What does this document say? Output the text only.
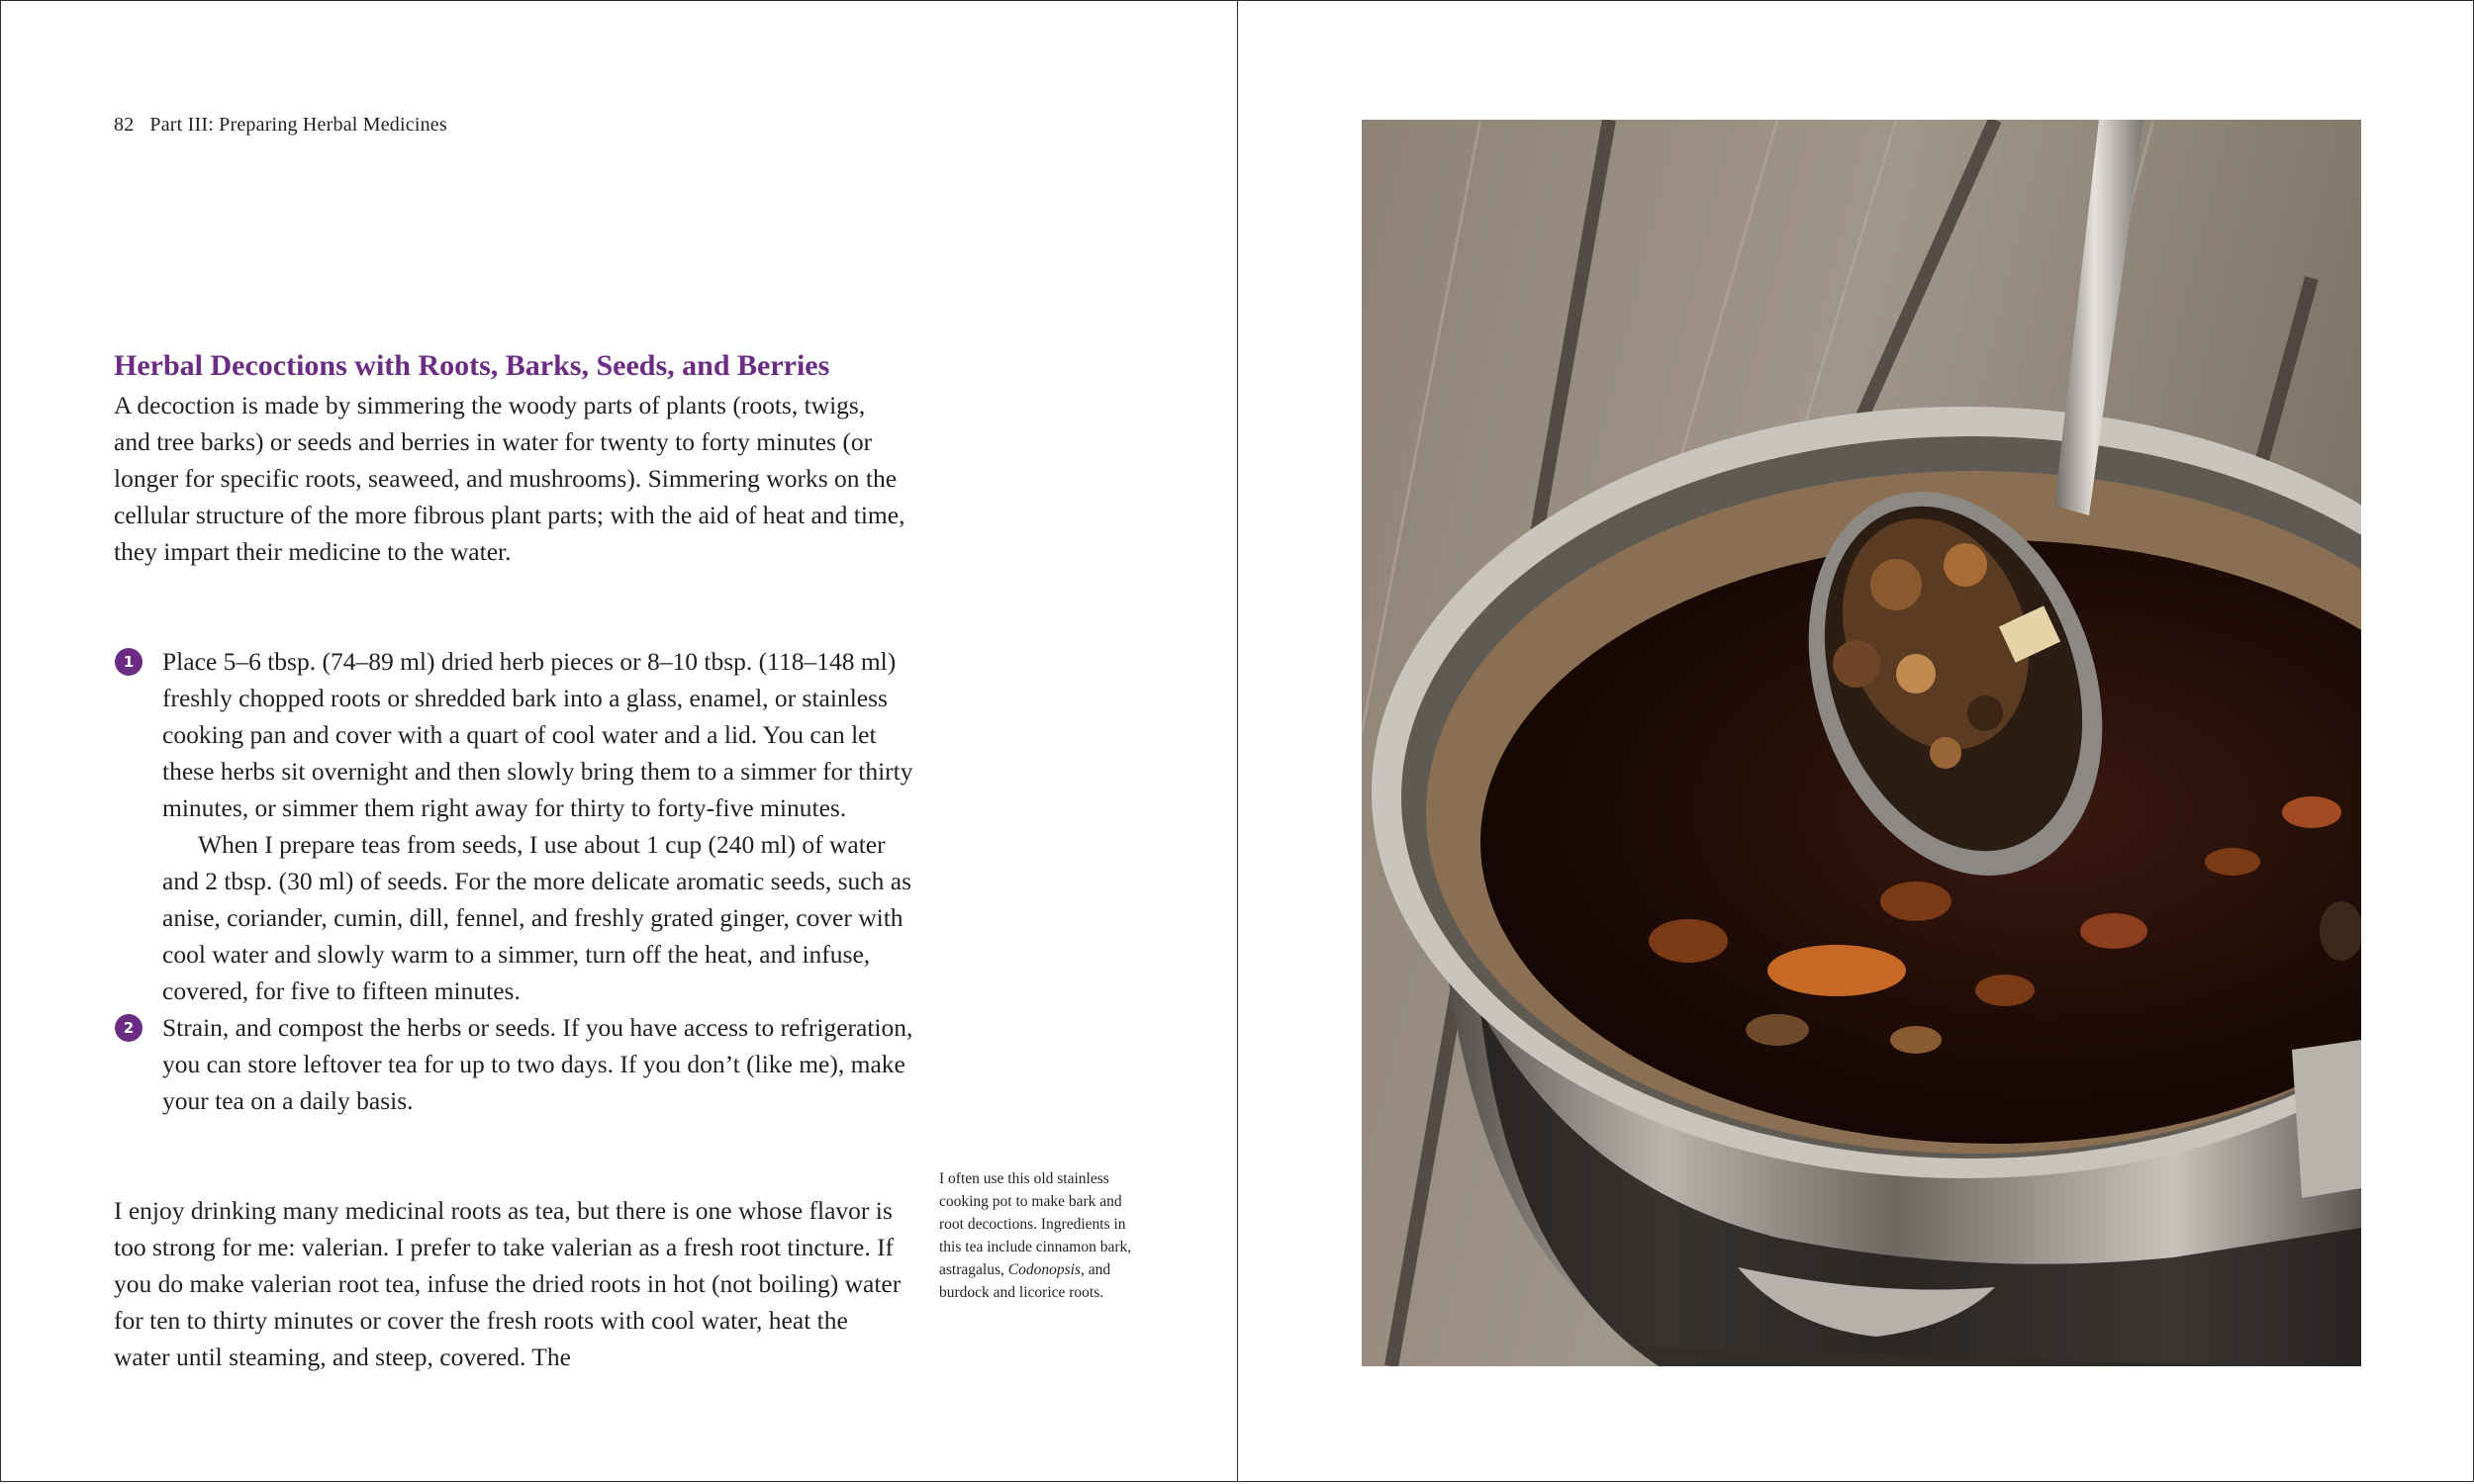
82 Part III: Preparing Herbal Medicines
Herbal Decoctions with Roots, Barks, Seeds, and Berries

A decoction is made by simmering the woody parts of plants (roots, twigs, and tree barks) or seeds and berries in water for twenty to forty minutes (or longer for specific roots, seaweed, and mushrooms). Simmering works on the cellular structure of the more fibrous plant parts; with the aid of heat and time, they impart their medicine to the water.

1	Place 5–6 tbsp. (74–89 ml) dried herb pieces or 8–10 tbsp. (118–148 ml) freshly chopped roots or shredded bark into a glass, enamel, or stainless cooking pan and cover with a quart of cool water and a lid. You can let these herbs sit overnight and then slowly bring them to a simmer for thirty minutes, or simmer them right away for thirty to forty-five minutes.

When I prepare teas from seeds, I use about 1 cup (240 ml) of water and 2 tbsp. (30 ml) of seeds. For the more delicate aromatic seeds, such as anise, coriander, cumin, dill, fennel, and freshly grated ginger, cover with cool water and slowly warm to a simmer, turn off the heat, and infuse, covered, for five to fifteen minutes.

2	Strain, and compost the herbs or seeds. If you have access to refrigeration, you can store leftover tea for up to two days. If you don’t (like me), make your tea on a daily basis.

I enjoy drinking many medicinal roots as tea, but there is one whose flavor is too strong for me: valerian. I prefer to take valerian as a fresh root tincture. If you do make valerian root tea, infuse the dried roots in hot (not boiling) water for ten to thirty minutes or cover the fresh roots with cool water, heat the water until steaming, and steep, covered. The

I often use this old stainless cooking pot to make bark and root decoctions. Ingredients in this tea include cinnamon bark, astragalus, Codonopsis, and burdock and licorice roots.
